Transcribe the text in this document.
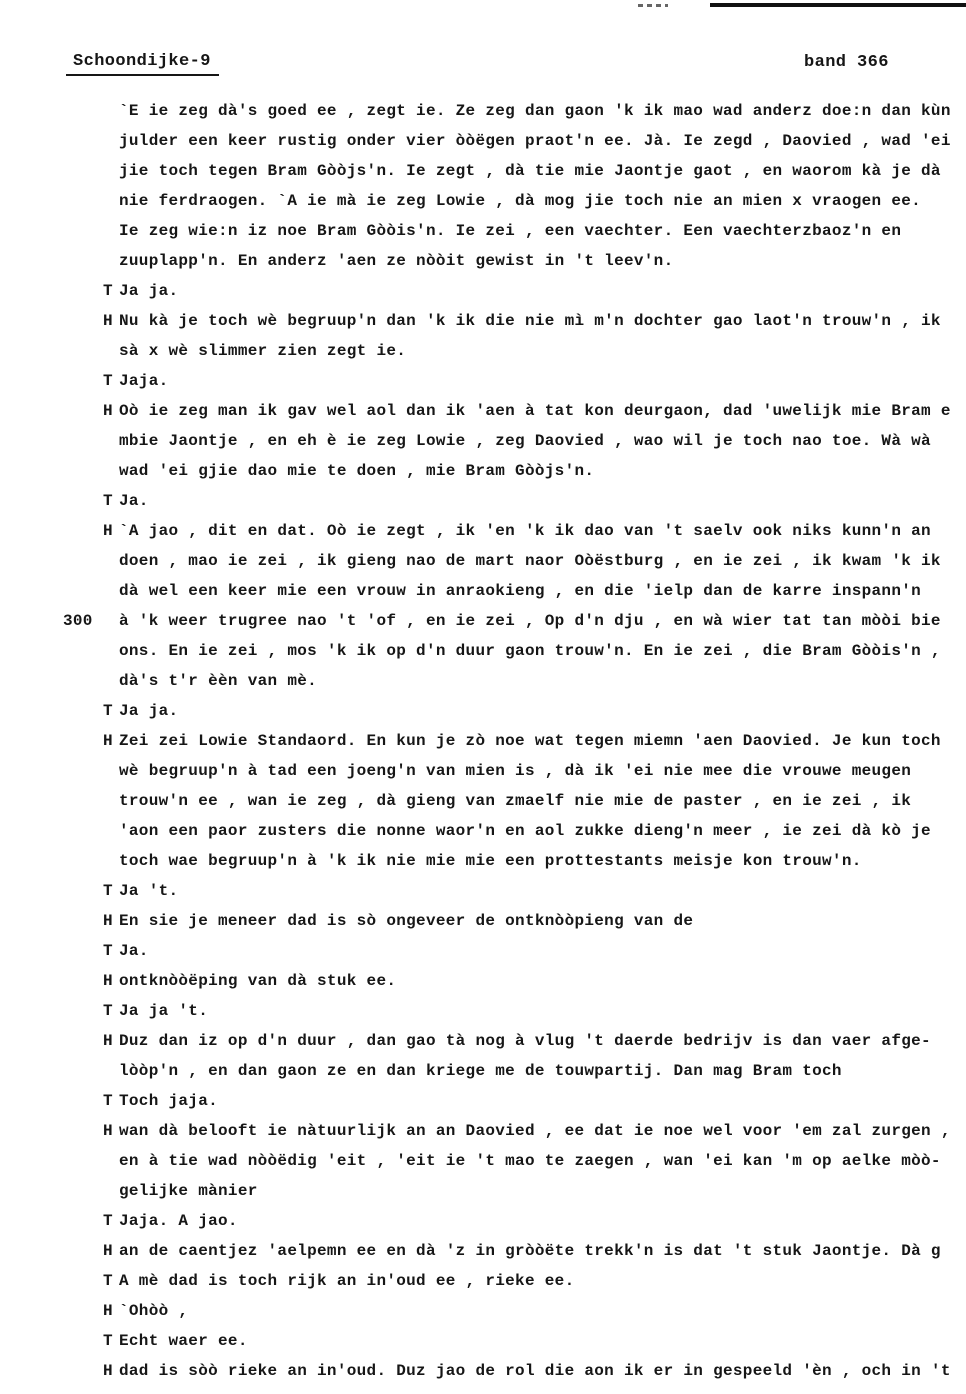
Schoondijke-9	band 366
`E ie zeg dà's goed ee , zegt ie. Ze zeg dan gaon 'k ik mao wad anderz doe:n dan kùn
julder een keer rustig onder vier òòëgen praot'n ee. Jà. Ie zegd , Daovied , wad 'ei
jie toch tegen Bram Gòòjs'n. Ie zegt , dà tie mie Jaontje gaot , en waorom kà je dà
nie ferdraogen. `A ie mà ie zeg Lowie , dà mog jie toch nie an mien x vraogen ee.
Ie zeg wie:n iz noe Bram Gòòis'n. Ie zei , een vaechter. Een vaechterzbaoz'n en
zuuplapp'n. En anderz 'aen ze nòòit gewist in 't leev'n.
T Ja ja.
H Nu kà je toch wè begruup'n dan 'k ik die nie mì m'n dochter gao laot'n trouw'n , ik
sà x wè slimmer zien zegt ie.
T Jaja.
H Oò ie zeg man ik gav wel aol dan ik 'aen à tat kon deurgaon, dad 'uwelijk mie Bram e
mbie Jaontje , en eh è ie zeg Lowie , zeg Daovied , wao wil je toch nao toe. Wà wà
wad 'ei gjie dao mie te doen , mie Bram Gòòjs'n.
T Ja.
H `A jao , dit en dat. Oò ie zegt , ik 'en 'k ik dao van 't saelv ook niks kunn'n an
doen , mao ie zei , ik gieng nao de mart naor Oòëstburg , en ie zei , ik kwam 'k ik
dà wel een keer mie een vrouw in anraokieng , en die 'ielp dan de karre inspann'n
300 à 'k weer trugree nao 't 'of , en ie zei , Op d'n dju , en wà wier tat tan mòòi bie
ons. En ie zei , mos 'k ik op d'n duur gaon trouw'n. En ie zei , die Bram Gòòis'n ,
dà's t'r èèn van mè.
T Ja ja.
H Zei zei Lowie Standaord. En kun je zò noe wat tegen miemn 'aen Daovied. Je kun toch
wè begruup'n à tad een joeng'n van mien is , dà ik 'ei nie mee die vrouwe meugen
trouw'n ee , wan ie zeg , dà gieng van zmaelf nie mie de paster , en ie zei , ik
'aon een paor zusters die nonne waor'n en aol zukke dieng'n meer , ie zei dà kò je
toch wae begruup'n à 'k ik nie mie mie een prottestants meisje kon trouw'n.
T Ja 't.
H En sie je meneer dad is sò ongeveer de ontknòòpieng van de
T Ja.
H ontknòòëping van dà stuk ee.
T Ja ja 't.
H Duz dan iz op d'n duur , dan gao tà nog à vlug 't daerde bedrijv is dan vaer afge-
lòòp'n , en dan gaon ze en dan kriege me de touwpartij. Dan mag Bram toch
T Toch jaja.
H wan dà belooft ie nàtuurlijk an an Daovied , ee dat ie noe wel voor 'em zal zurgen ,
en à tie wad nòòëdig 'eit , 'eit ie 't mao te zaegen , wan 'ei kan 'm op aelke mòò-
gelijke mànier
T Jaja. A jao.
H an de caentjez 'aelpemn ee en dà 'z in gròòëte trekk'n is dat 't stuk Jaontje. Dà g
T A mè dad is toch rijk an in'oud ee , rieke ee.
H `Ohòò ,
T Echt waer ee.
H dad is sòò rieke an in'oud. Duz jao de rol die aon ik er in gespeeld 'èn , och in 't
